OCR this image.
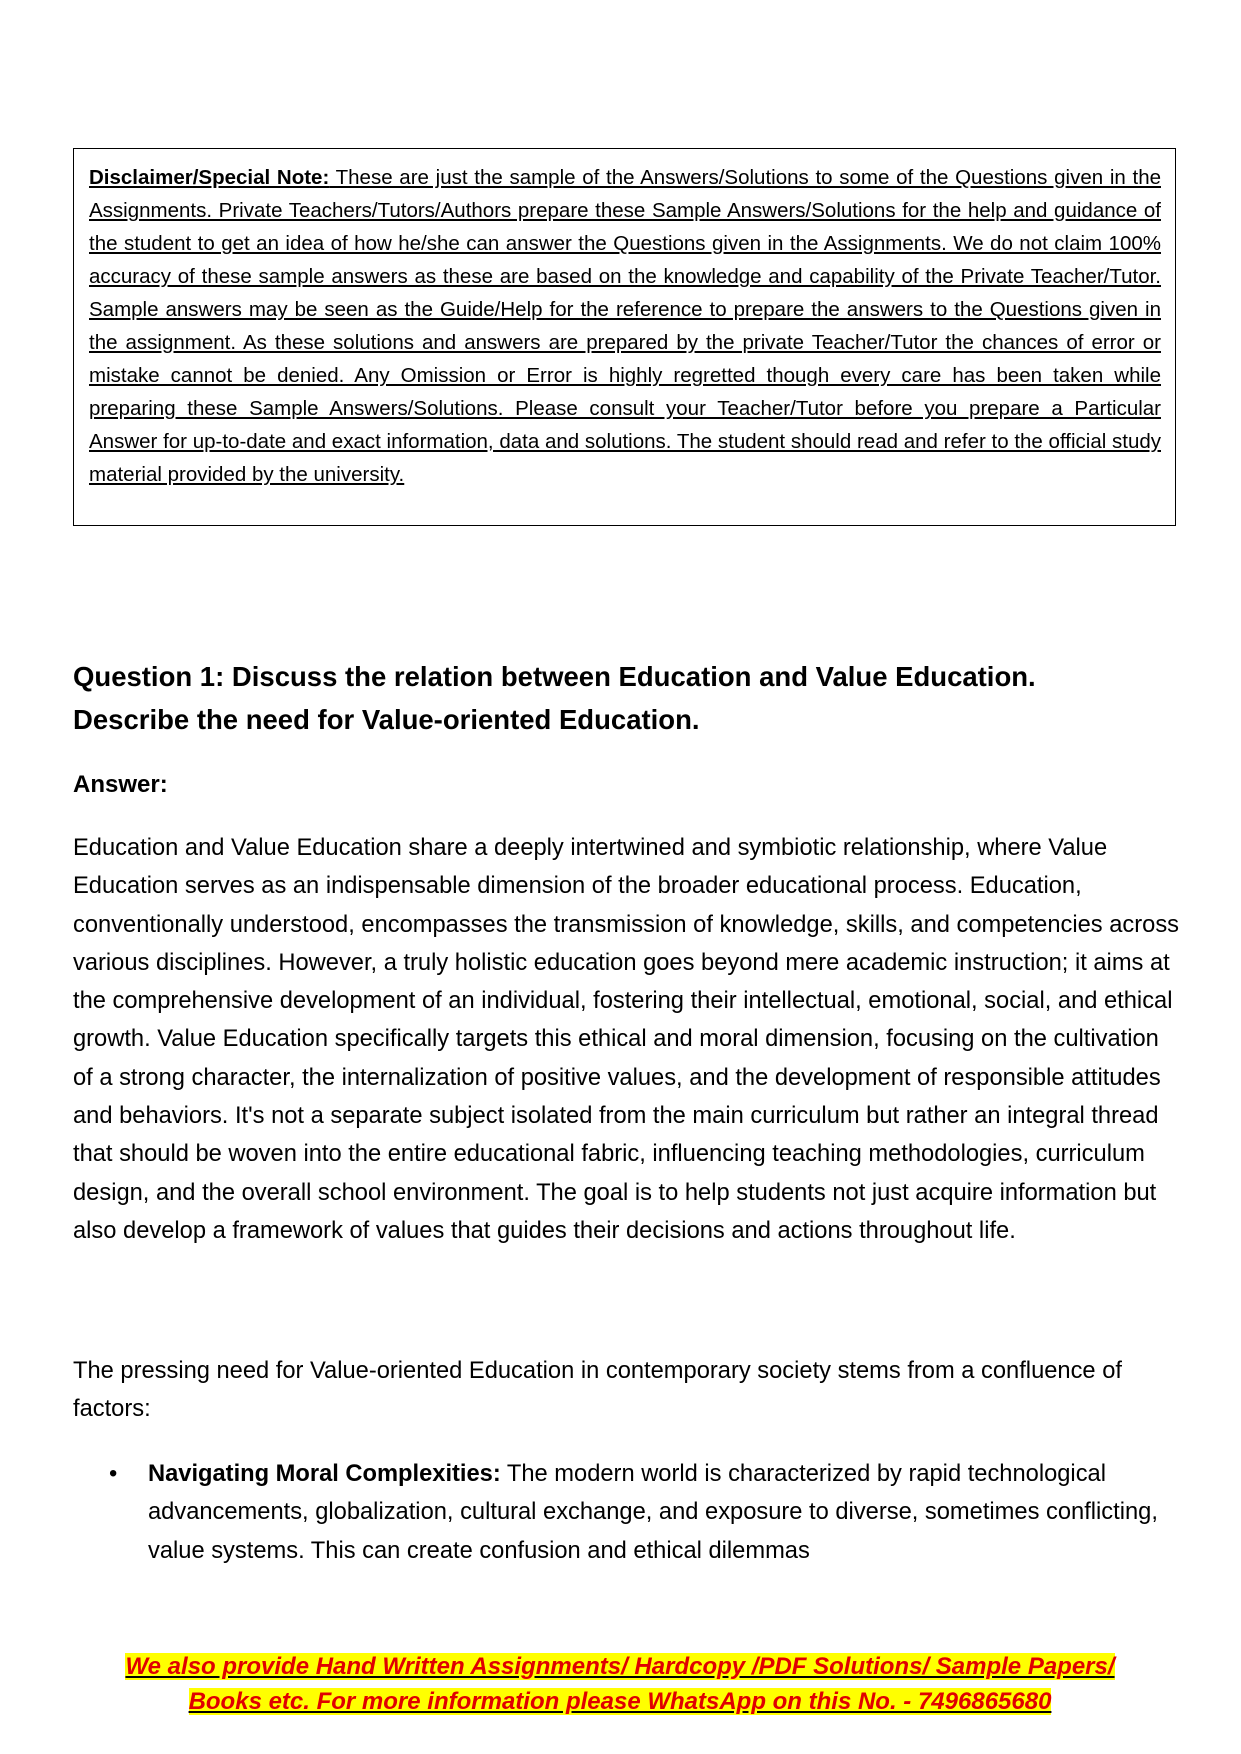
Disclaimer/Special Note: These are just the sample of the Answers/Solutions to some of the Questions given in the Assignments. Private Teachers/Tutors/Authors prepare these Sample Answers/Solutions for the help and guidance of the student to get an idea of how he/she can answer the Questions given in the Assignments. We do not claim 100% accuracy of these sample answers as these are based on the knowledge and capability of the Private Teacher/Tutor. Sample answers may be seen as the Guide/Help for the reference to prepare the answers to the Questions given in the assignment. As these solutions and answers are prepared by the private Teacher/Tutor the chances of error or mistake cannot be denied. Any Omission or Error is highly regretted though every care has been taken while preparing these Sample Answers/Solutions. Please consult your Teacher/Tutor before you prepare a Particular Answer for up-to-date and exact information, data and solutions. The student should read and refer to the official study material provided by the university.
Question 1: Discuss the relation between Education and Value Education.
Describe the need for Value-oriented Education.
Answer:
Education and Value Education share a deeply intertwined and symbiotic relationship, where Value Education serves as an indispensable dimension of the broader educational process. Education, conventionally understood, encompasses the transmission of knowledge, skills, and competencies across various disciplines. However, a truly holistic education goes beyond mere academic instruction; it aims at the comprehensive development of an individual, fostering their intellectual, emotional, social, and ethical growth. Value Education specifically targets this ethical and moral dimension, focusing on the cultivation of a strong character, the internalization of positive values, and the development of responsible attitudes and behaviors. It's not a separate subject isolated from the main curriculum but rather an integral thread that should be woven into the entire educational fabric, influencing teaching methodologies, curriculum design, and the overall school environment. The goal is to help students not just acquire information but also develop a framework of values that guides their decisions and actions throughout life.
The pressing need for Value-oriented Education in contemporary society stems from a confluence of factors:
• Navigating Moral Complexities: The modern world is characterized by rapid technological advancements, globalization, cultural exchange, and exposure to diverse, sometimes conflicting, value systems. This can create confusion and ethical dilemmas
We also provide Hand Written Assignments/ Hardcopy /PDF Solutions/ Sample Papers/
Books etc. For more information please WhatsApp on this No. - 7496865680
